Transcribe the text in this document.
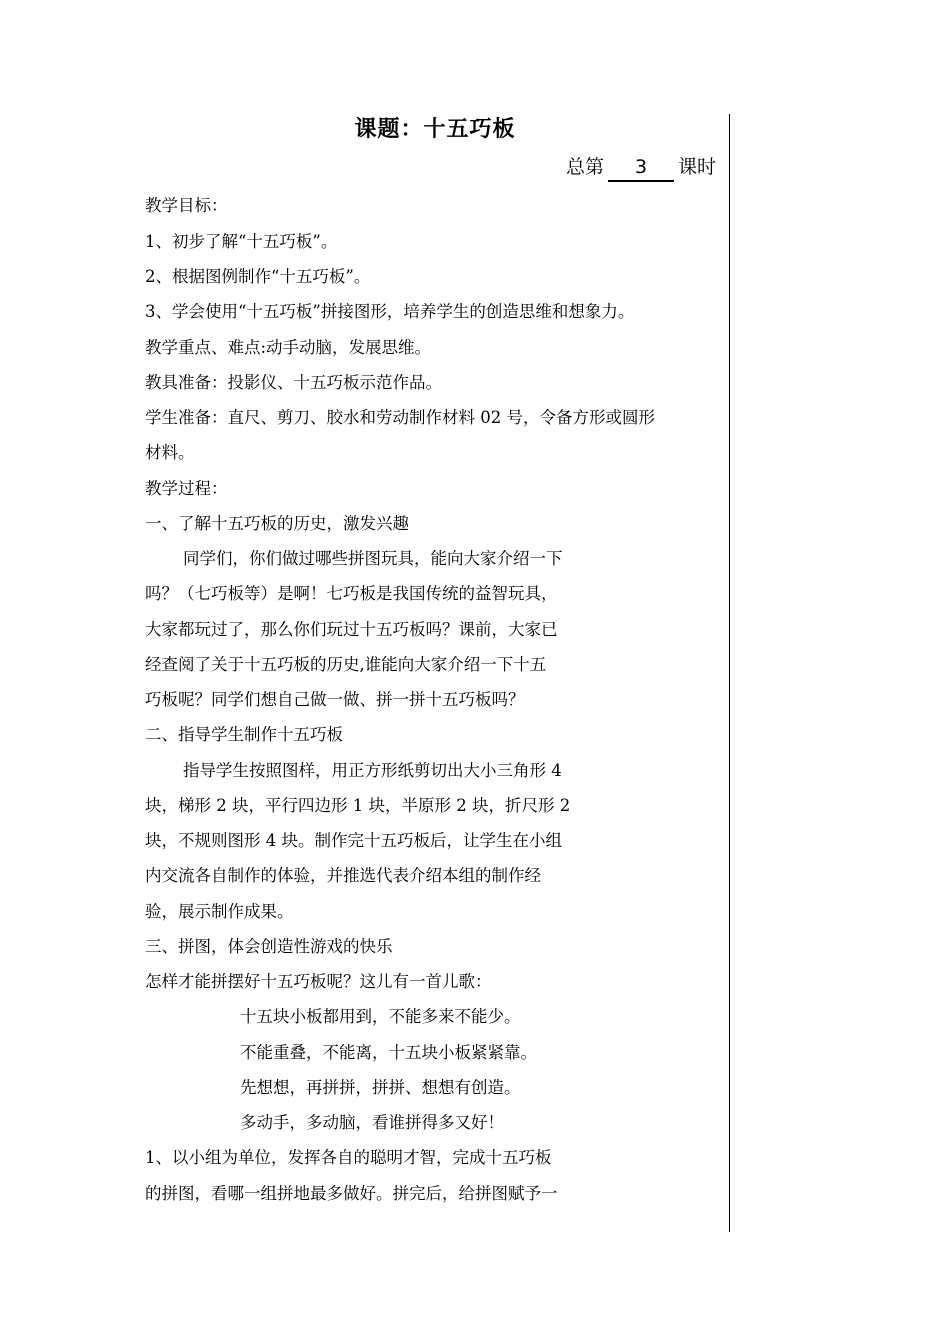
课题：十五巧板
总第 3 课时
教学目标：
1、初步了解“十五巧板”。
2、根据图例制作“十五巧板”。
3、学会使用“十五巧板”拼接图形，培养学生的创造思维和想象力。
教学重点、难点:动手动脑，发展思维。
教具准备：投影仪、十五巧板示范作品。
学生准备：直尺、剪刀、胶水和劳动制作材料 02 号，令备方形或圆形
材料。
教学过程：
一、了解十五巧板的历史，激发兴趣
同学们，你们做过哪些拼图玩具，能向大家介绍一下
吗？（七巧板等）是啊！七巧板是我国传统的益智玩具，
大家都玩过了，那么你们玩过十五巧板吗？课前，大家已
经查阅了关于十五巧板的历史,谁能向大家介绍一下十五
巧板呢？同学们想自己做一做、拼一拼十五巧板吗？
二、指导学生制作十五巧板
指导学生按照图样，用正方形纸剪切出大小三角形 4
块，梯形 2 块，平行四边形 1 块，半原形 2 块，折尺形 2
块，不规则图形 4 块。制作完十五巧板后，让学生在小组
内交流各自制作的体验，并推选代表介绍本组的制作经
验，展示制作成果。
三、拼图，体会创造性游戏的快乐
怎样才能拼摆好十五巧板呢？这儿有一首儿歌：
十五块小板都用到，不能多来不能少。
不能重叠，不能离，十五块小板紧紧靠。
先想想，再拼拼，拼拼、想想有创造。
多动手，多动脑，看谁拼得多又好！
1、以小组为单位，发挥各自的聪明才智，完成十五巧板
的拼图，看哪一组拼地最多做好。拼完后，给拼图赋予一
